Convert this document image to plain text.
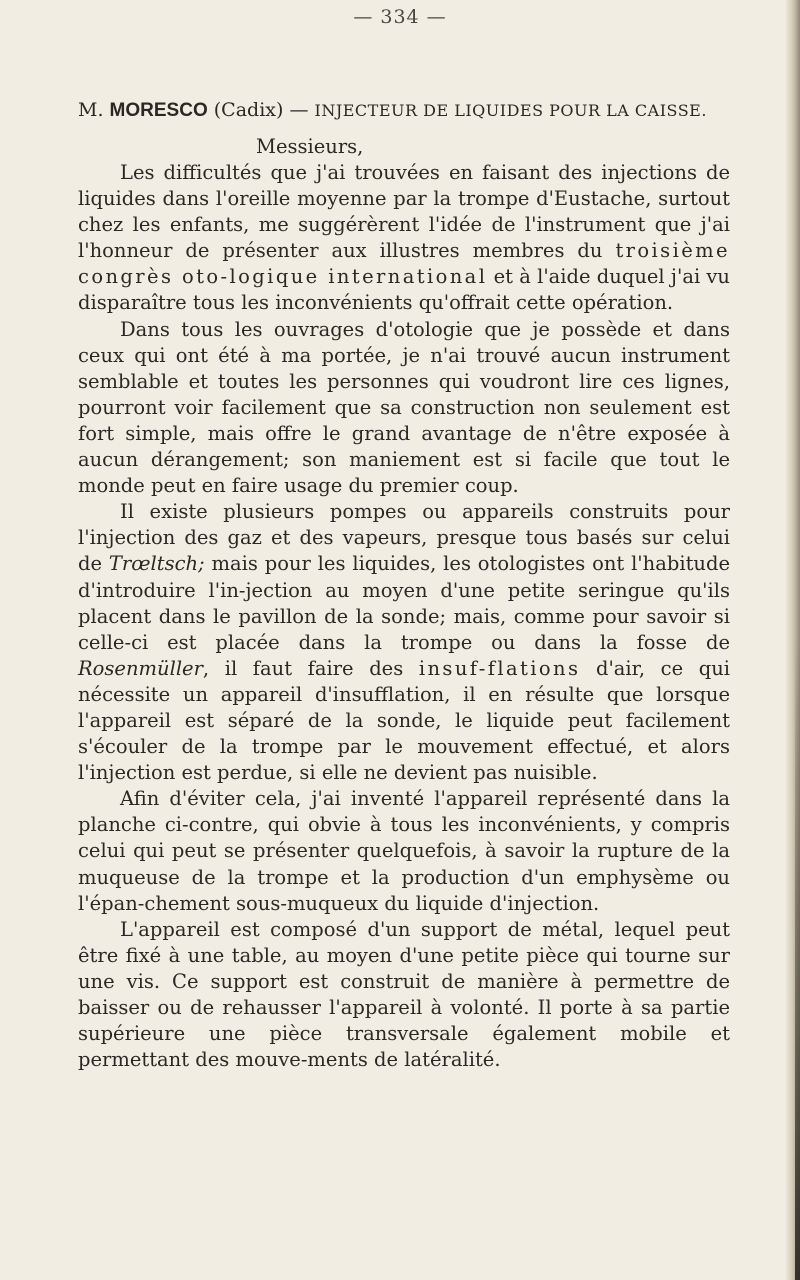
— 334 —

M. MORESCO (Cadix) — INJECTEUR DE LIQUIDES POUR LA CAISSE.

Messieurs,

Les difficultés que j'ai trouvées en faisant des injections de liquides dans l'oreille moyenne par la trompe d'Eustache, surtout chez les enfants, me suggérèrent l'idée de l'instrument que j'ai l'honneur de présenter aux illustres membres du troisième congrès oto-logique international et à l'aide duquel j'ai vu disparaître tous les inconvénients qu'offrait cette opération.

Dans tous les ouvrages d'otologie que je possède et dans ceux qui ont été à ma portée, je n'ai trouvé aucun instrument semblable et toutes les personnes qui voudront lire ces lignes, pourront voir facilement que sa construction non seulement est fort simple, mais offre le grand avantage de n'être exposée à aucun dérangement; son maniement est si facile que tout le monde peut en faire usage du premier coup.

Il existe plusieurs pompes ou appareils construits pour l'injection des gaz et des vapeurs, presque tous basés sur celui de Trœltsch; mais pour les liquides, les otologistes ont l'habitude d'introduire l'in-jection au moyen d'une petite seringue qu'ils placent dans le pavillon de la sonde; mais, comme pour savoir si celle-ci est placée dans la trompe ou dans la fosse de Rosenmüller, il faut faire des insuf-flations d'air, ce qui nécessite un appareil d'insufflation, il en résulte que lorsque l'appareil est séparé de la sonde, le liquide peut facilement s'écouler de la trompe par le mouvement effectué, et alors l'injection est perdue, si elle ne devient pas nuisible.

Afin d'éviter cela, j'ai inventé l'appareil représenté dans la planche ci-contre, qui obvie à tous les inconvénients, y compris celui qui peut se présenter quelquefois, à savoir la rupture de la muqueuse de la trompe et la production d'un emphysème ou l'épan-chement sous-muqueux du liquide d'injection.

L'appareil est composé d'un support de métal, lequel peut être fixé à une table, au moyen d'une petite pièce qui tourne sur une vis. Ce support est construit de manière à permettre de baisser ou de rehausser l'appareil à volonté. Il porte à sa partie supérieure une pièce transversale également mobile et permettant des mouve-ments de latéralité.
